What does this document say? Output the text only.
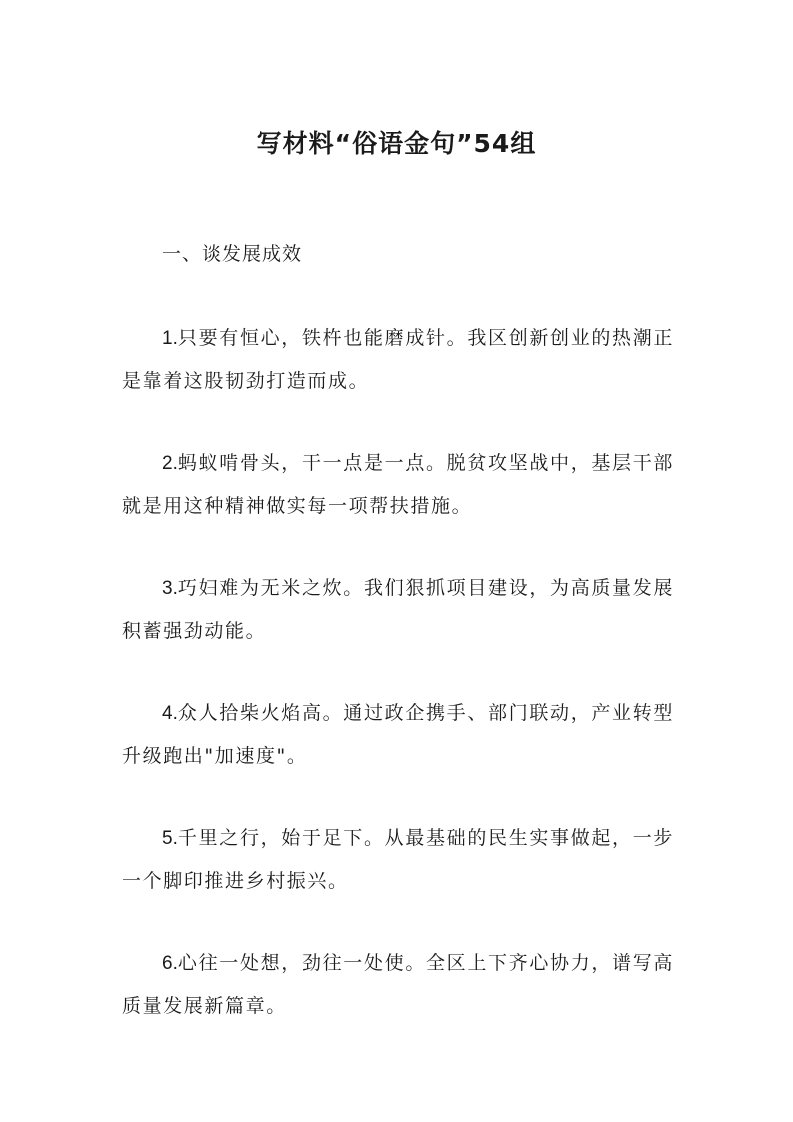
写材料“俗语金句”54组
一、谈发展成效

1.只要有恒心，铁杵也能磨成针。我区创新创业的热潮正是靠着这股韧劲打造而成。

2.蚂蚁啃骨头，干一点是一点。脱贫攻坚战中，基层干部就是用这种精神做实每一项帮扶措施。

3.巧妇难为无米之炊。我们狠抓项目建设，为高质量发展积蓄强劲动能。

4.众人拾柴火焰高。通过政企携手、部门联动，产业转型升级跑出"加速度"。

5.千里之行，始于足下。从最基础的民生实事做起，一步一个脚印推进乡村振兴。

6.心往一处想，劲往一处使。全区上下齐心协力，谱写高质量发展新篇章。
